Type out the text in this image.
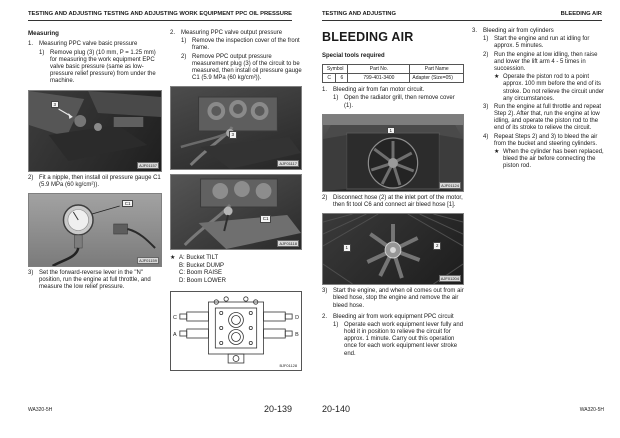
TESTING AND ADJUSTING TESTING AND ADJUSTING WORK EQUIPMENT PPC OIL PRESSURE
Measuring
1. Measuring PPC valve basic pressure
1) Remove plug (3) (10 mm, P = 1.25 mm) for measuring the work equipment EPC valve basic pressure (same as low-pressure relief pressure) from under the machine.
3
AJF01157
2) Fit a nipple, then install oil pressure gauge C1 (5.9 MPa (60 kg/cm²)).
C1
AJF01159
3) Set the forward-reverse lever in the "N" position, run the engine at full throttle, and measure the low relief pressure.
2. Measuring PPC valve output pressure
1) Remove the inspection cover of the front frame.
2) Remove PPC output pressure measurement plug (3) of the circuit to be measured, then install oil pressure gauge C1 (5.9 MPa (60 kg/cm²)).
3
AJF01117
C1
AJF01118
★ A: Bucket TILT
B: Bucket DUMP
C: Boom RAISE
D: Boom LOWER
C	D
A	B
BJF01128
WA320-5H	20-139
TESTING AND ADJUSTING	BLEEDING AIR
BLEEDING AIR
Special tools required
Symbol		Part No.	Part Name
C	6	799-401-3400	Adapter (Size=05)
1. Bleeding air from fan motor circuit.
1) Open the radiator grill, then remove cover (1).
1
AJF01124
2) Disconnect hose (2) at the inlet port of the motor, then fit tool C6 and connect air bleed hose [1].
1	2
AJF01204
3) Start the engine, and when oil comes out from air bleed hose, stop the engine and remove the air bleed hose.
2. Bleeding air from work equipment PPC circuit
1) Operate each work equipment lever fully and hold it in position to relieve the circuit for approx. 1 minute. Carry out this operation once for each work equipment lever stroke end.
3. Bleeding air from cylinders
1) Start the engine and run at idling for approx. 5 minutes.
2) Run the engine at low idling, then raise and lower the lift arm 4 - 5 times in succession.
★ Operate the piston rod to a point approx. 100 mm before the end of its stroke. Do not relieve the circuit under any circumstances.
3) Run the engine at full throttle and repeat Step 2). After that, run the engine at low idling, and operate the piston rod to the end of its stroke to relieve the circuit.
4) Repeat Steps 2) and 3) to bleed the air from the bucket and steering cylinders.
★ When the cylinder has been replaced, bleed the air before connecting the piston rod.
20-140	WA320-5H
